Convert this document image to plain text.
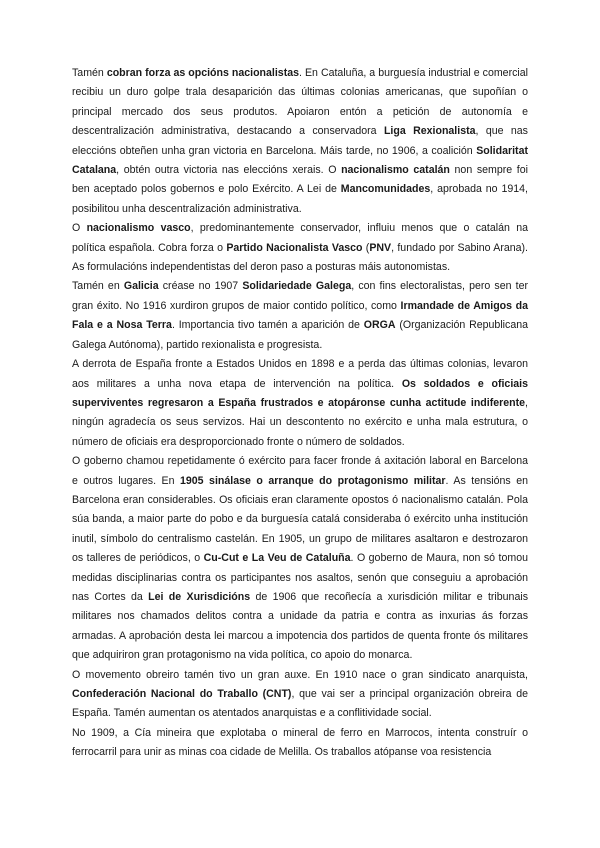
Tamén cobran forza as opcións nacionalistas. En Cataluña, a burguesía industrial e comercial recibiu un duro golpe trala desaparición das últimas colonias americanas, que supoñían o principal mercado dos seus produtos. Apoiaron entón a petición de autonomía e descentralización administrativa, destacando a conservadora Liga Rexionalista, que nas eleccións obteñen unha gran victoria en Barcelona. Máis tarde, no 1906, a coalición Solidaritat Catalana, obtén outra victoria nas eleccións xerais. O nacionalismo catalán non sempre foi ben aceptado polos gobernos e polo Exército. A Lei de Mancomunidades, aprobada no 1914, posibilitou unha descentralización administrativa.

O nacionalismo vasco, predominantemente conservador, influiu menos que o catalán na política española. Cobra forza o Partido Nacionalista Vasco (PNV, fundado por Sabino Arana). As formulacións independentistas del deron paso a posturas máis autonomistas.

Tamén en Galicia créase no 1907 Solidariedade Galega, con fins electoralistas, pero sen ter gran éxito. No 1916 xurdiron grupos de maior contido político, como Irmandade de Amigos da Fala e a Nosa Terra. Importancia tivo tamén a aparición de ORGA (Organización Republicana Galega Autónoma), partido rexionalista e progresista.

A derrota de España fronte a Estados Unidos en 1898 e a perda das últimas colonias, levaron aos militares a unha nova etapa de intervención na política. Os soldados e oficiais superviventes regresaron a España frustrados e atopáronse cunha actitude indiferente, ningún agradecía os seus servizos. Hai un descontento no exército e unha mala estrutura, o número de oficiais era desproporcionado fronte o número de soldados.

O goberno chamou repetidamente ó exército para facer fronde á axitación laboral en Barcelona e outros lugares. En 1905 sinálase o arranque do protagonismo militar. As tensións en Barcelona eran considerables. Os oficiais eran claramente opostos ó nacionalismo catalán. Pola súa banda, a maior parte do pobo e da burguesía catalá consideraba ó exército unha institución inutil, símbolo do centralismo castelán. En 1905, un grupo de militares asaltaron e destrozaron os talleres de periódicos, o Cu-Cut e La Veu de Cataluña. O goberno de Maura, non só tomou medidas disciplinarias contra os participantes nos asaltos, senón que conseguiu a aprobación nas Cortes da Lei de Xurisdicións de 1906 que recoñecía a xurisdición militar e tribunais militares nos chamados delitos contra a unidade da patria e contra as inxurias ás forzas armadas. A aprobación desta lei marcou a impotencia dos partidos de quenta fronte ós militares que adquiriron gran protagonismo na vida política, co apoio do monarca.

O movemento obreiro tamén tivo un gran auxe. En 1910 nace o gran sindicato anarquista, Confederación Nacional do Traballo (CNT), que vai ser a principal organización obreira de España. Tamén aumentan os atentados anarquistas e a conflitividade social.

No 1909, a Cía mineira que explotaba o mineral de ferro en Marrocos, intenta construír o ferrocarril para unir as minas coa cidade de Melilla. Os traballos atópanse voa resistencia
